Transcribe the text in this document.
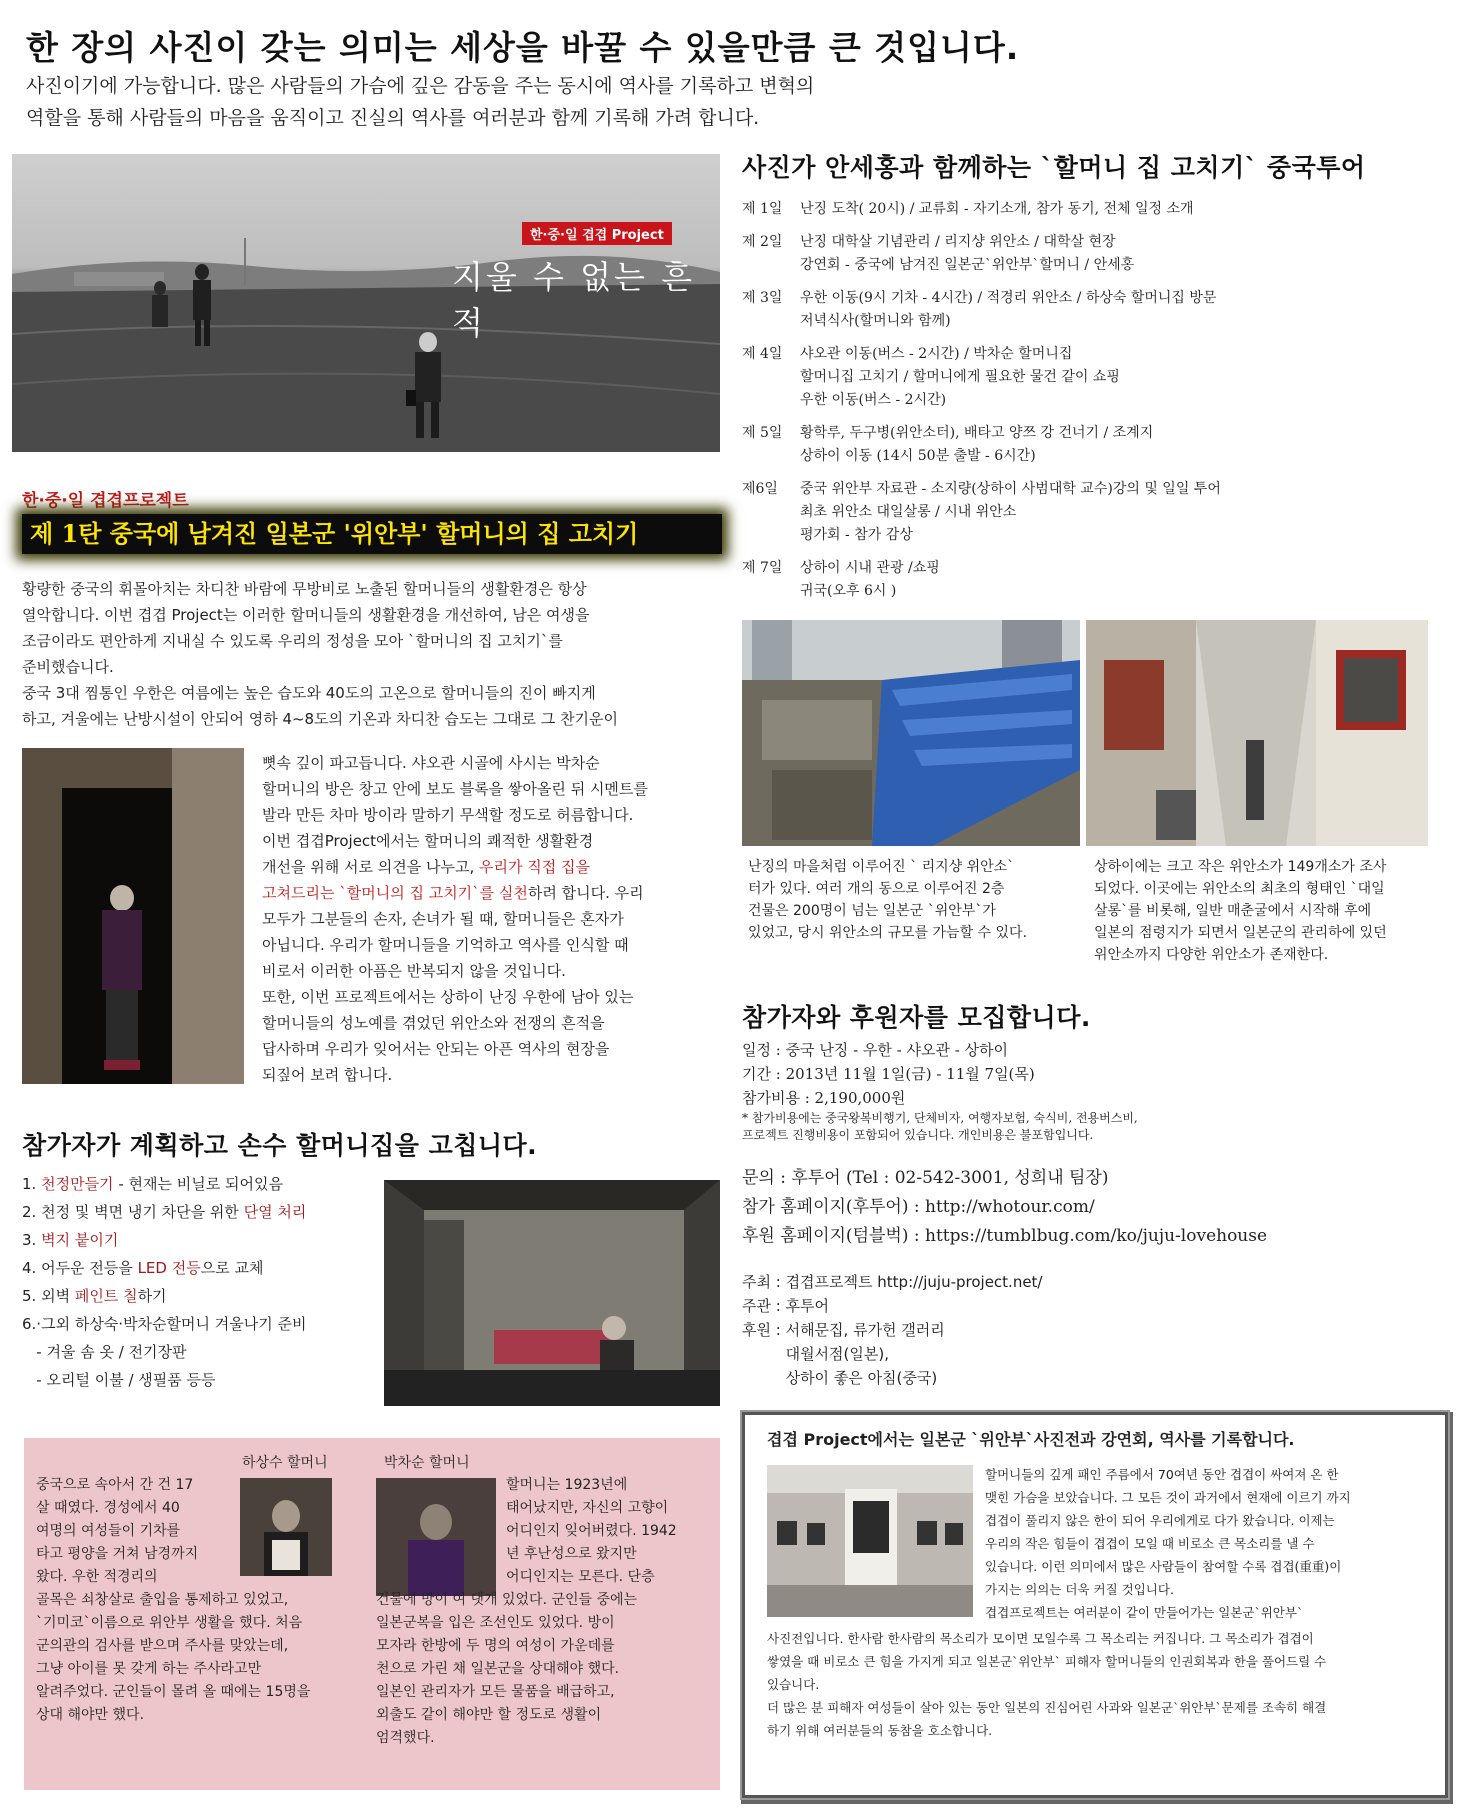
한 장의 사진이 갖는 의미는 세상을 바꿀 수 있을만큼 큰 것입니다.
사진이기에 가능합니다. 많은 사람들의 가슴에 깊은 감동을 주는 동시에 역사를 기록하고 변혁의
역할을 통해 사람들의 마음을 움직이고 진실의 역사를 여러분과 함께 기록해 가려 합니다.
한·중·일 겹겹 Project
지울 수 없는 흔적
한·중·일 겹겹프로젝트
제 1탄 중국에 남겨진 일본군 '위안부' 할머니의 집 고치기
황량한 중국의 휘몰아치는 차디찬 바람에 무방비로 노출된 할머니들의 생활환경은 항상
열악합니다. 이번 겹겹 Project는 이러한 할머니들의 생활환경을 개선하여, 남은 여생을
조금이라도 편안하게 지내실 수 있도록 우리의 정성을 모아 `할머니의 집 고치기`를
준비했습니다.
중국 3대 찜통인 우한은 여름에는 높은 습도와 40도의 고온으로 할머니들의 진이 빠지게
하고, 겨울에는 난방시설이 안되어 영하 4~8도의 기온과 차디찬 습도는 그대로 그 찬기운이
뼛속 깊이 파고듭니다. 샤오관 시골에 사시는 박차순
할머니의 방은 창고 안에 보도 블록을 쌓아올린 뒤 시멘트를
발라 만든 차마 방이라 말하기 무색할 정도로 허름합니다.
이번 겹겹Project에서는 할머니의 쾌적한 생활환경
개선을 위해 서로 의견을 나누고, 우리가 직접 집을
고쳐드리는 `할머니의 집 고치기`를 실천하려 합니다. 우리
모두가 그분들의 손자, 손녀가 될 때, 할머니들은 혼자가
아닙니다. 우리가 할머니들을 기억하고 역사를 인식할 때
비로서 이러한 아픔은 반복되지 않을 것입니다.
또한, 이번 프로젝트에서는 상하이 난징 우한에 남아 있는
할머니들의 성노예를 겪었던 위안소와 전쟁의 흔적을
답사하며 우리가 잊어서는 안되는 아픈 역사의 현장을
되짚어 보려 합니다.
사진가 안세홍과 함께하는 `할머니 집 고치기` 중국투어
제 1일	난징 도착( 20시) / 교류회 - 자기소개, 참가 동기, 전체 일정 소개
제 2일	난징 대학살 기념관리 / 리지샹 위안소 / 대학살 현장
강연회 - 중국에 남겨진 일본군`위안부`할머니 / 안세홍
제 3일	우한 이동(9시 기차 - 4시간) / 적경리 위안소 / 하상숙 할머니집 방문
저녁식사(할머니와 함께)
제 4일	샤오관 이동(버스 - 2시간) / 박차순 할머니집
할머니집 고치기 / 할머니에게 필요한 물건 같이 쇼핑
우한 이동(버스 - 2시간)
제 5일	황학루, 두구병(위안소터), 배타고 양쯔 강 건너기 / 조계지
상하이 이동 (14시 50분 출발 - 6시간)
제6일	중국 위안부 자료관 - 소지량(상하이 사범대학 교수)강의 및 일일 투어
최초 위안소 대일살롱 / 시내 위안소
평가회 - 참가 감상
제 7일	상하이 시내 관광 /쇼핑
귀국(오후 6시 )
난징의 마을처럼 이루어진 ` 리지샹 위안소`
터가 있다. 여러 개의 동으로 이루어진 2층
건물은 200명이 넘는 일본군 `위안부`가
있었고, 당시 위안소의 규모를 가늠할 수 있다.
상하이에는 크고 작은 위안소가 149개소가 조사
되었다. 이곳에는 위안소의 최초의 형태인 `대일
살롱`를 비롯해, 일반 매춘굴에서 시작해 후에
일본의 점령지가 되면서 일본군의 관리하에 있던
위안소까지 다양한 위안소가 존재한다.
참가자와 후원자를 모집합니다.
일정 : 중국 난징 - 우한 - 샤오관 - 상하이
기간 : 2013년 11월 1일(금) - 11월 7일(목)
참가비용 : 2,190,000원
* 참가비용에는 중국왕복비행기, 단체비자, 여행자보험, 숙식비, 전용버스비,
프로젝트 진행비용이 포함되어 있습니다. 개인비용은 불포함입니다.
문의 : 후투어 (Tel : 02-542-3001, 성희내 팀장)
참가 홈페이지(후투어) : http://whotour.com/
후원 홈페이지(텀블벅) : https://tumblbug.com/ko/juju-lovehouse
주최 : 겹겹프로젝트 http://juju-project.net/
주관 : 후투어
후원 : 서해문집, 류가헌 갤러리
대월서점(일본),
상하이 좋은 아침(중국)
참가자가 계획하고 손수 할머니집을 고칩니다.
1. 천정만들기 - 현재는 비닐로 되어있음
2. 천정 및 벽면 냉기 차단을 위한 단열 처리
3. 벽지 붙이기
4. 어두운 전등을 LED 전등으로 교체
5. 외벽 페인트 칠하기
6.·그외 하상숙·박차순할머니 겨울나기 준비
- 겨울 솜 옷 / 전기장판
- 오리털 이불 / 생필품 등등
하상수 할머니	박차순 할머니
중국으로 속아서 간 건 17
살 때였다. 경성에서 40
여명의 여성들이 기차를
타고 평양을 거쳐 남경까지
왔다. 우한 적경리의
골목은 쇠창살로 출입을 통제하고 있었고,
`기미코`이름으로 위안부 생활을 했다. 처음
군의관의 검사를 받으며 주사를 맞았는데,
그냥 아이를 못 갖게 하는 주사라고만
알려주었다. 군인들이 몰려 올 때에는 15명을
상대 해야만 했다.
할머니는 1923년에
태어났지만, 자신의 고향이
어디인지 잊어버렸다. 1942
년 후난성으로 왔지만
어디인지는 모른다. 단층
건물에 방이 여 댓개 있었다. 군인들 중에는
일본군복을 입은 조선인도 있었다. 방이
모자라 한방에 두 명의 여성이 가운데를
천으로 가린 채 일본군을 상대해야 했다.
일본인 관리자가 모든 물품을 배급하고,
외출도 같이 해야만 할 정도로 생활이
엄격했다.
겹겹 Project에서는 일본군 `위안부`사진전과 강연회, 역사를 기록합니다.
할머니들의 깊게 패인 주름에서 70여년 동안 겹겹이 싸여져 온 한
맺힌 가슴을 보았습니다. 그 모든 것이 과거에서 현재에 이르기 까지
겹겹이 풀리지 않은 한이 되어 우리에게로 다가 왔습니다. 이제는
우리의 작은 힘들이 겹겹이 모일 때 비로소 큰 목소리를 낼 수
있습니다. 이런 의미에서 많은 사람들이 참여할 수록 겹겹(重重)이
가지는 의의는 더욱 커질 것입니다.
겹겹프로젝트는 여러분이 같이 만들어가는 일본군`위안부`
사진전입니다. 한사람 한사람의 목소리가 모이면 모일수록 그 목소리는 커집니다. 그 목소리가 겹겹이
쌓였을 때 비로소 큰 힘을 가지게 되고 일본군`위안부` 피해자 할머니들의 인권회복과 한을 풀어드릴 수
있습니다.
더 많은 분 피해자 여성들이 살아 있는 동안 일본의 진심어린 사과와 일본군`위안부`문제를 조속히 해결
하기 위해 여러분들의 동참을 호소합니다.
